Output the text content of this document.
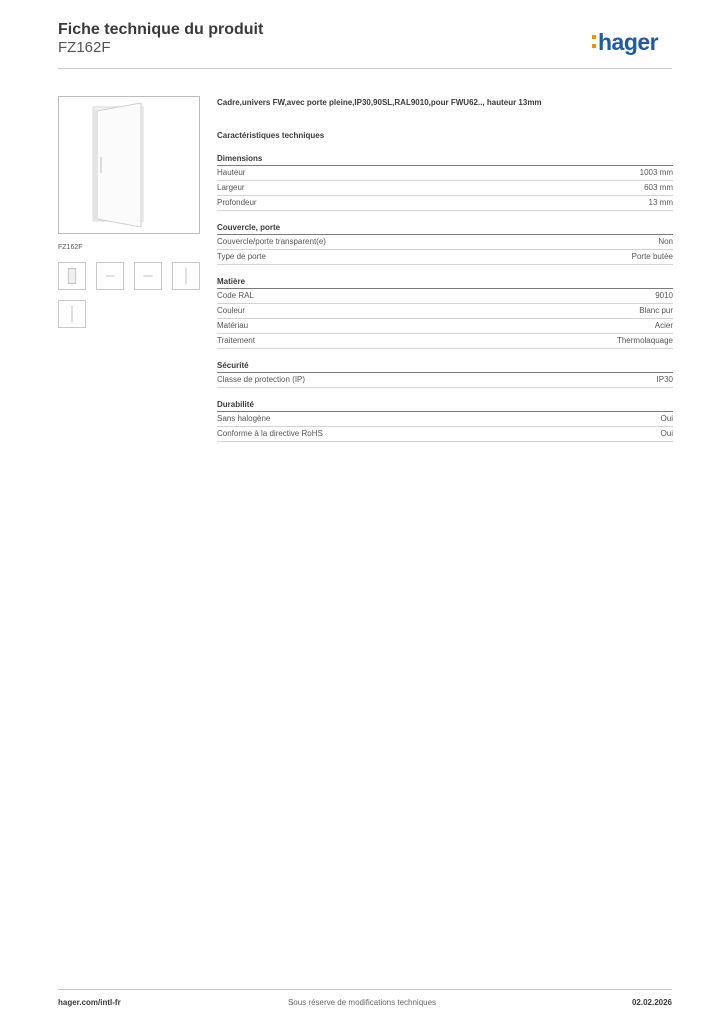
Fiche technique du produit
FZ162F	hager
FZ162F
Cadre,univers FW,avec porte pleine,IP30,90SL,RAL9010,pour FWU62.., hauteur 13mm
Caractéristiques techniques
Dimensions
Hauteur	1003 mm
Largeur	603 mm
Profondeur	13 mm
Couvercle, porte
Couvercle/porte transparent(e)	Non
Type de porte	Porte butée
Matière
Code RAL	9010
Couleur	Blanc pur
Matériau	Acier
Traitement	Thermolaquage
Sécurité
Classe de protection (IP)	IP30
Durabilité
Sans halogène	Oui
Conforme à la directive RoHS	Oui
hager.com/intl-fr	Sous réserve de modifications techniques	02.02.2026
